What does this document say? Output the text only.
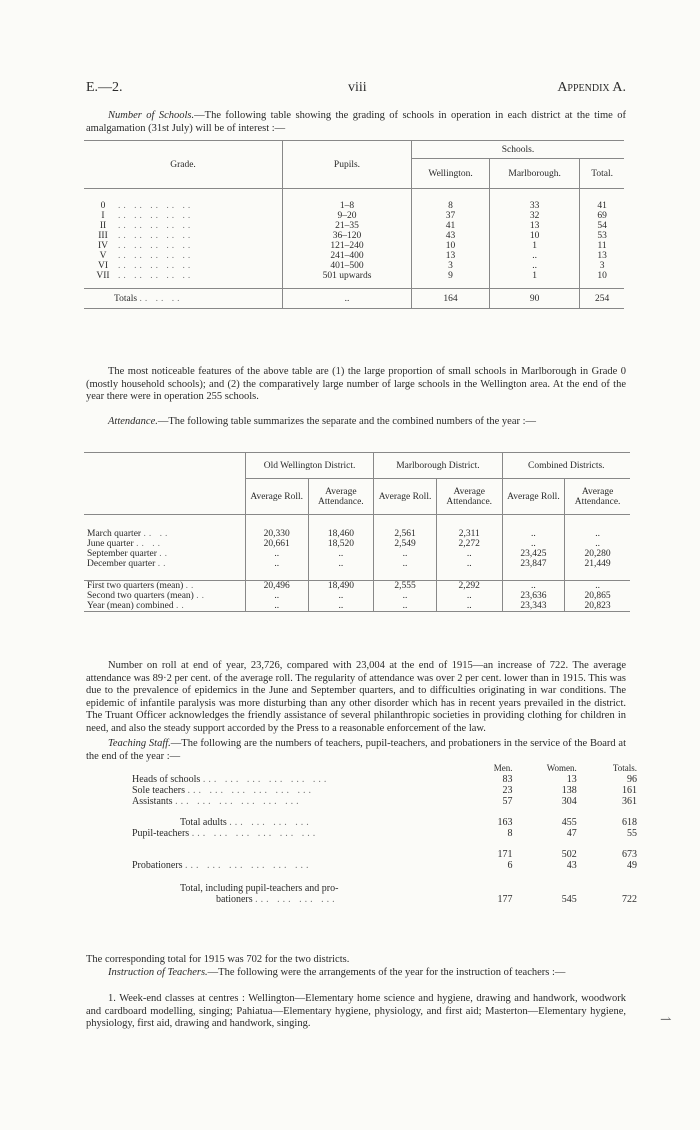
E.—2.	viii	Appendix A.
Number of Schools.—The following table showing the grading of schools in operation in each district at the time of amalgamation (31st July) will be of interest :—
Grade.	Pupils.	Schools.		
		Wellington.	Marlborough.	Total.

0 .. .. .. .. ..	1–8	8	33	41
I .. .. .. .. ..	9–20	37	32	69
II .. .. .. .. ..	21–35	41	13	54
III .. .. .. .. ..	36–120	43	10	53
IV .. .. .. .. ..	121–240	10	1	11
V .. .. .. .. ..	241–400	13	..	13
VI .. .. .. .. ..	401–500	3	..	3
VII .. .. .. .. ..	501 upwards	9	1	10

Totals .. .. ..	..	164	90	254
The most noticeable features of the above table are (1) the large proportion of small schools in Marlborough in Grade 0 (mostly household schools); and (2) the comparatively large number of large schools in the Wellington area. At the end of the year there were in operation 255 schools.
Attendance.—The following table summarizes the separate and the combined numbers of the year :—
	Old Wellington District.		Marlborough District.		Combined Districts.	
	Average Roll.	Average Attendance.	Average Roll.	Average Attendance.	Average Roll.	Average Attendance.

March quarter .. ..	20,330	18,460	2,561	2,311	..	..
June quarter .. ..	20,661	18,520	2,549	2,272	..	..
September quarter ..	..	..	..	..	23,425	20,280
December quarter ..	..	..	..	..	23,847	21,449

First two quarters (mean) ..	20,496	18,490	2,555	2,292	..	..
Second two quarters (mean) ..	..	..	..	..	23,636	20,865
Year (mean) combined ..	..	..	..	..	23,343	20,823
Number on roll at end of year, 23,726, compared with 23,004 at the end of 1915—an increase of 722. The average attendance was 89·2 per cent. of the average roll. The regularity of attendance was over 2 per cent. lower than in 1915. This was due to the prevalence of epidemics in the June and September quarters, and to difficulties originating in war conditions. The epidemic of infantile paralysis was more disturbing than any other disorder which has in recent years prevailed in the district. The Truant Officer acknowledges the friendly assistance of several philanthropic societies in providing clothing for children in need, and also the steady support accorded by the Press to a reasonable enforcement of the law.
Teaching Staff.—The following are the numbers of teachers, pupil-teachers, and probationers in the service of the Board at the end of the year :—
	Men.	Women.	Totals.
Heads of schools ... ... ... ... ... ...	83	13	96
Sole teachers ... ... ... ... ... ...	23	138	161
Assistants ... ... ... ... ... ...	57	304	361

Total adults ... ... ... ...	163	455	618
Pupil-teachers ... ... ... ... ... ...	8	47	55

	171	502	673
Probationers ... ... ... ... ... ...	6	43	49

Total, including pupil-teachers and pro-			
bationers ... ... ... ...	177	545	722
The corresponding total for 1915 was 702 for the two districts.
Instruction of Teachers.—The following were the arrangements of the year for the instruction of teachers :—
1. Week-end classes at centres : Wellington—Elementary home science and hygiene, drawing and handwork, woodwork and cardboard modelling, singing; Pahiatua—Elementary hygiene, physiology, and first aid; Masterton—Elementary hygiene, physiology, first aid, drawing and handwork, singing.	⇀
